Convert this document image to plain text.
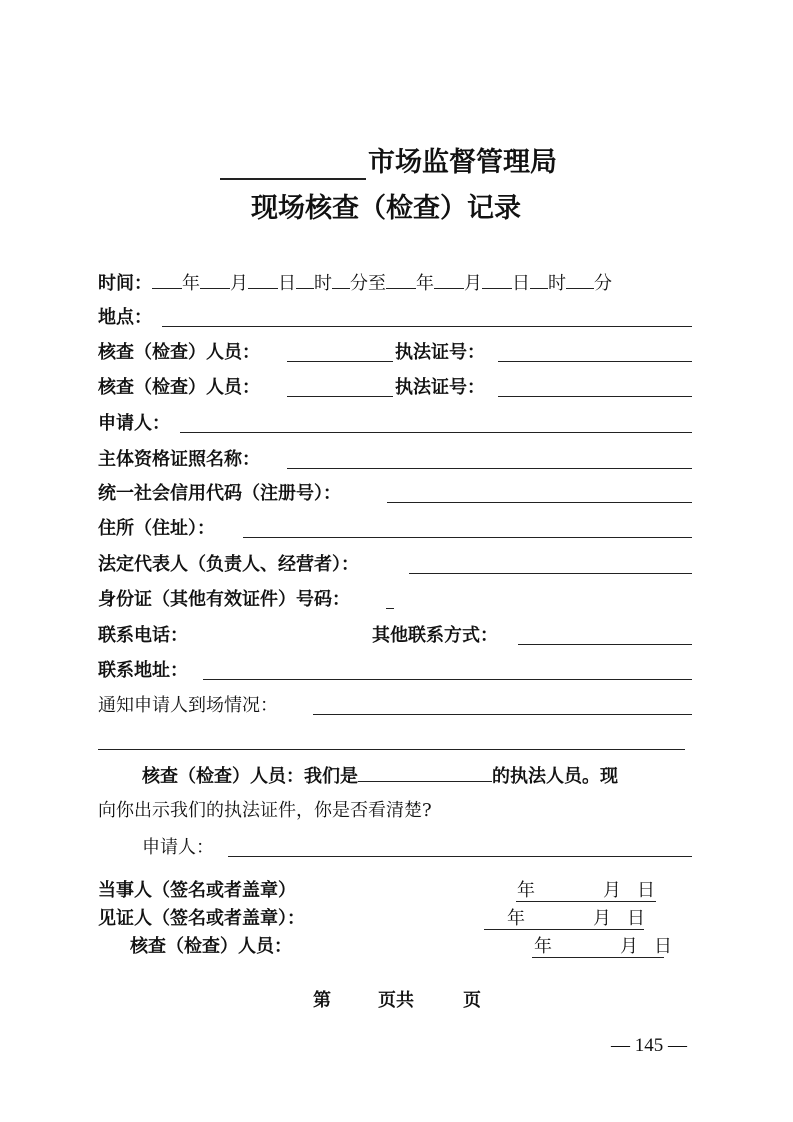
市场监督管理局
现场核查（检查）记录
时间： 年 月 日 时 分至 年 月 日 时 分
地点：
核查（检查）人员：	执法证号：
核查（检查）人员：	执法证号：
申请人：
主体资格证照名称：
统一社会信用代码（注册号）：
住所（住址）：
法定代表人（负责人、经营者）：
身份证（其他有效证件）号码：
联系电话：	其他联系方式：
联系地址：
通知申请人到场情况：
核查（检查）人员：我们是	的执法人员。现
向你出示我们的执法证件，你是否看清楚?
申请人：
当事人（签名或者盖章）	年	月 日
见证人（签名或者盖章）：	年	月 日
核查（检查）人员：	年	月 日
第	页共	页
— 145 —
